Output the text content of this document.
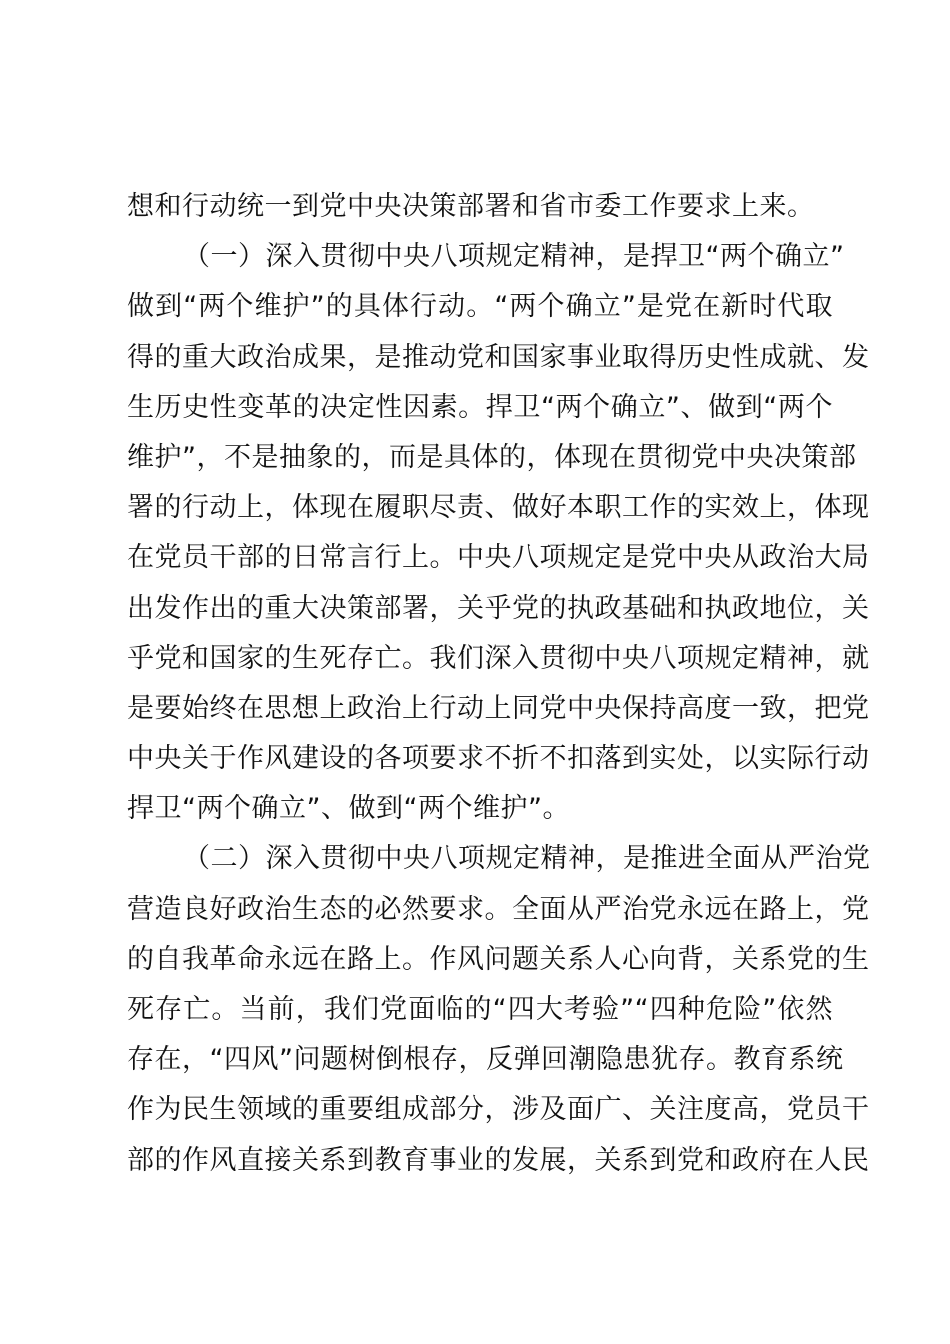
想和行动统一到党中央决策部署和省市委工作要求上来。
（一）深入贯彻中央八项规定精神，是捍卫“两个确立”
做到“两个维护”的具体行动。“两个确立”是党在新时代取
得的重大政治成果，是推动党和国家事业取得历史性成就、发
生历史性变革的决定性因素。捍卫“两个确立”、做到“两个
维护”，不是抽象的，而是具体的，体现在贯彻党中央决策部
署的行动上，体现在履职尽责、做好本职工作的实效上，体现
在党员干部的日常言行上。中央八项规定是党中央从政治大局
出发作出的重大决策部署，关乎党的执政基础和执政地位，关
乎党和国家的生死存亡。我们深入贯彻中央八项规定精神，就
是要始终在思想上政治上行动上同党中央保持高度一致，把党
中央关于作风建设的各项要求不折不扣落到实处，以实际行动
捍卫“两个确立”、做到“两个维护”。
（二）深入贯彻中央八项规定精神，是推进全面从严治党
营造良好政治生态的必然要求。全面从严治党永远在路上，党
的自我革命永远在路上。作风问题关系人心向背，关系党的生
死存亡。当前，我们党面临的“四大考验”“四种危险”依然
存在，“四风”问题树倒根存，反弹回潮隐患犹存。教育系统
作为民生领域的重要组成部分，涉及面广、关注度高，党员干
部的作风直接关系到教育事业的发展，关系到党和政府在人民
